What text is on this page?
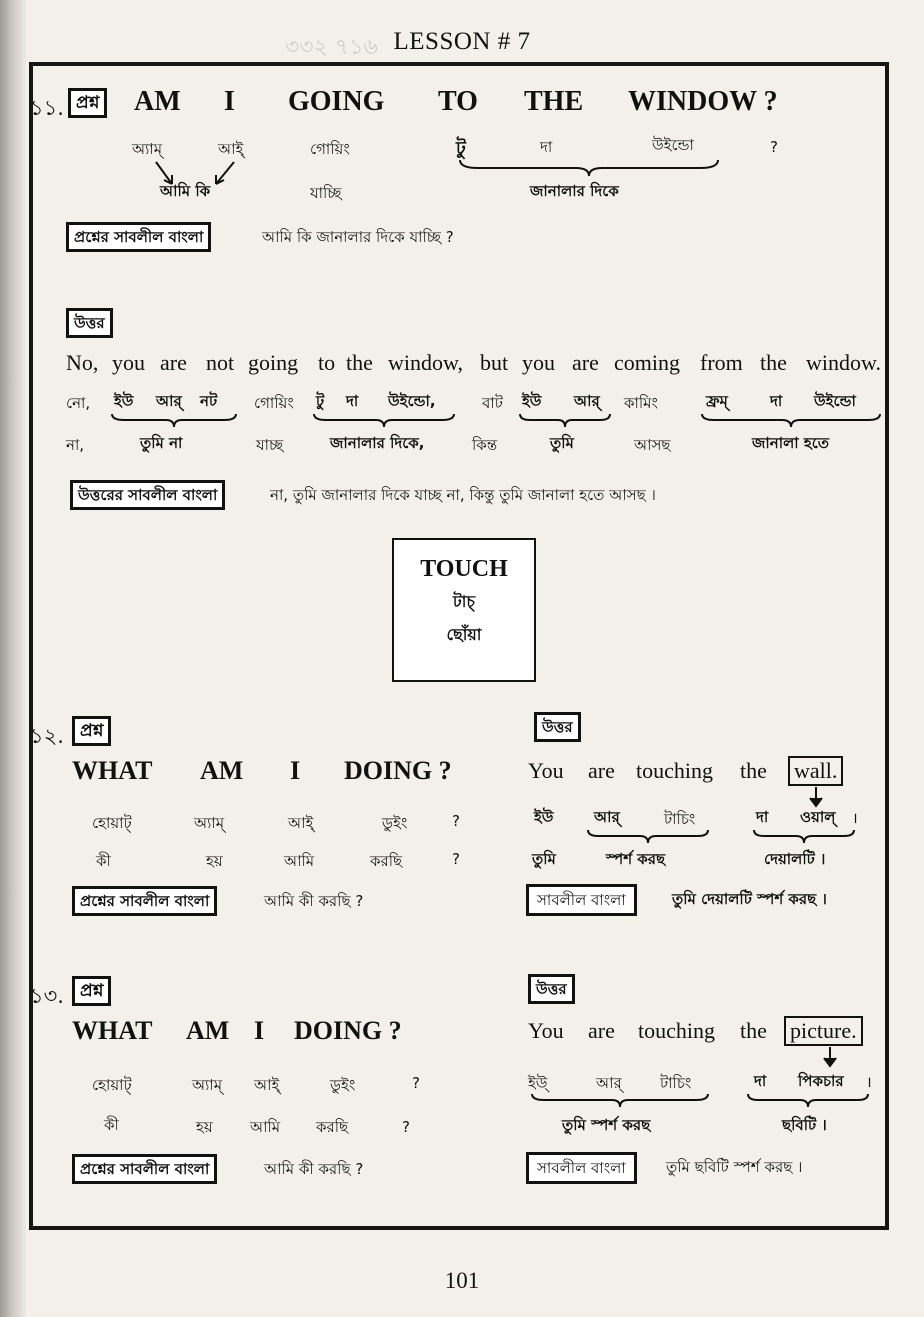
৩৩২ ৭১৬ LESSON # 7
১১. প্রশ্ন AM I GOING TO THE WINDOW ?
অ্যাম্	আই্	গোয়িং	টু	দা	উইন্ডো	?
আমি কি	যাচ্ছি	জানালার দিকে
প্রশ্নের সাবলীল বাংলা	আমি কি জানালার দিকে যাচ্ছি ?
উত্তর
No, you are not going to the window, but you are coming from the window.
নো, ইউ আর্ নট গোয়িং টু দা উইন্ডো,	বাট ইউ আর্ কামিং	ফ্রম্	দা উইন্ডো
না,	তুমি না	যাচ্ছ	জানালার দিকে,	কিন্ত	তুমি	আসছ	জানালা হতে
উত্তরের সাবলীল বাংলা	না, তুমি জানালার দিকে যাচ্ছ না, কিন্তু তুমি জানালা হতে আসছ ।
TOUCH
টাচ্
ছোঁয়া
১২. প্রশ্ন
WHAT AM I DOING ?
হোয়াট্	অ্যাম্	আই্	ডুইং	?
কী	হয়	আমি	করছি	?
প্রশ্নের সাবলীল বাংলা	আমি কী করছি ?
উত্তর
You are touching the wall.
ইউ	আর্	টাচিং	দা ওয়াল্ ।
তুমি	স্পর্শ করছ	দেয়ালটি ।
সাবলীল বাংলা	তুমি দেয়ালটি স্পর্শ করছ ।
১৩. প্রশ্ন
WHAT AM I DOING ?
হোয়াট্	অ্যাম্ আই্	ডুইং	?
কী	হয় আমি করছি	?
প্রশ্নের সাবলীল বাংলা	আমি কী করছি ?
উত্তর
You are touching the picture.
ইউ্	আর্	টাচিং	দা পিকচার ।
তুমি স্পর্শ করছ	ছবিটি ।
সাবলীল বাংলা	তুমি ছবিটি স্পর্শ করছ ।
101
